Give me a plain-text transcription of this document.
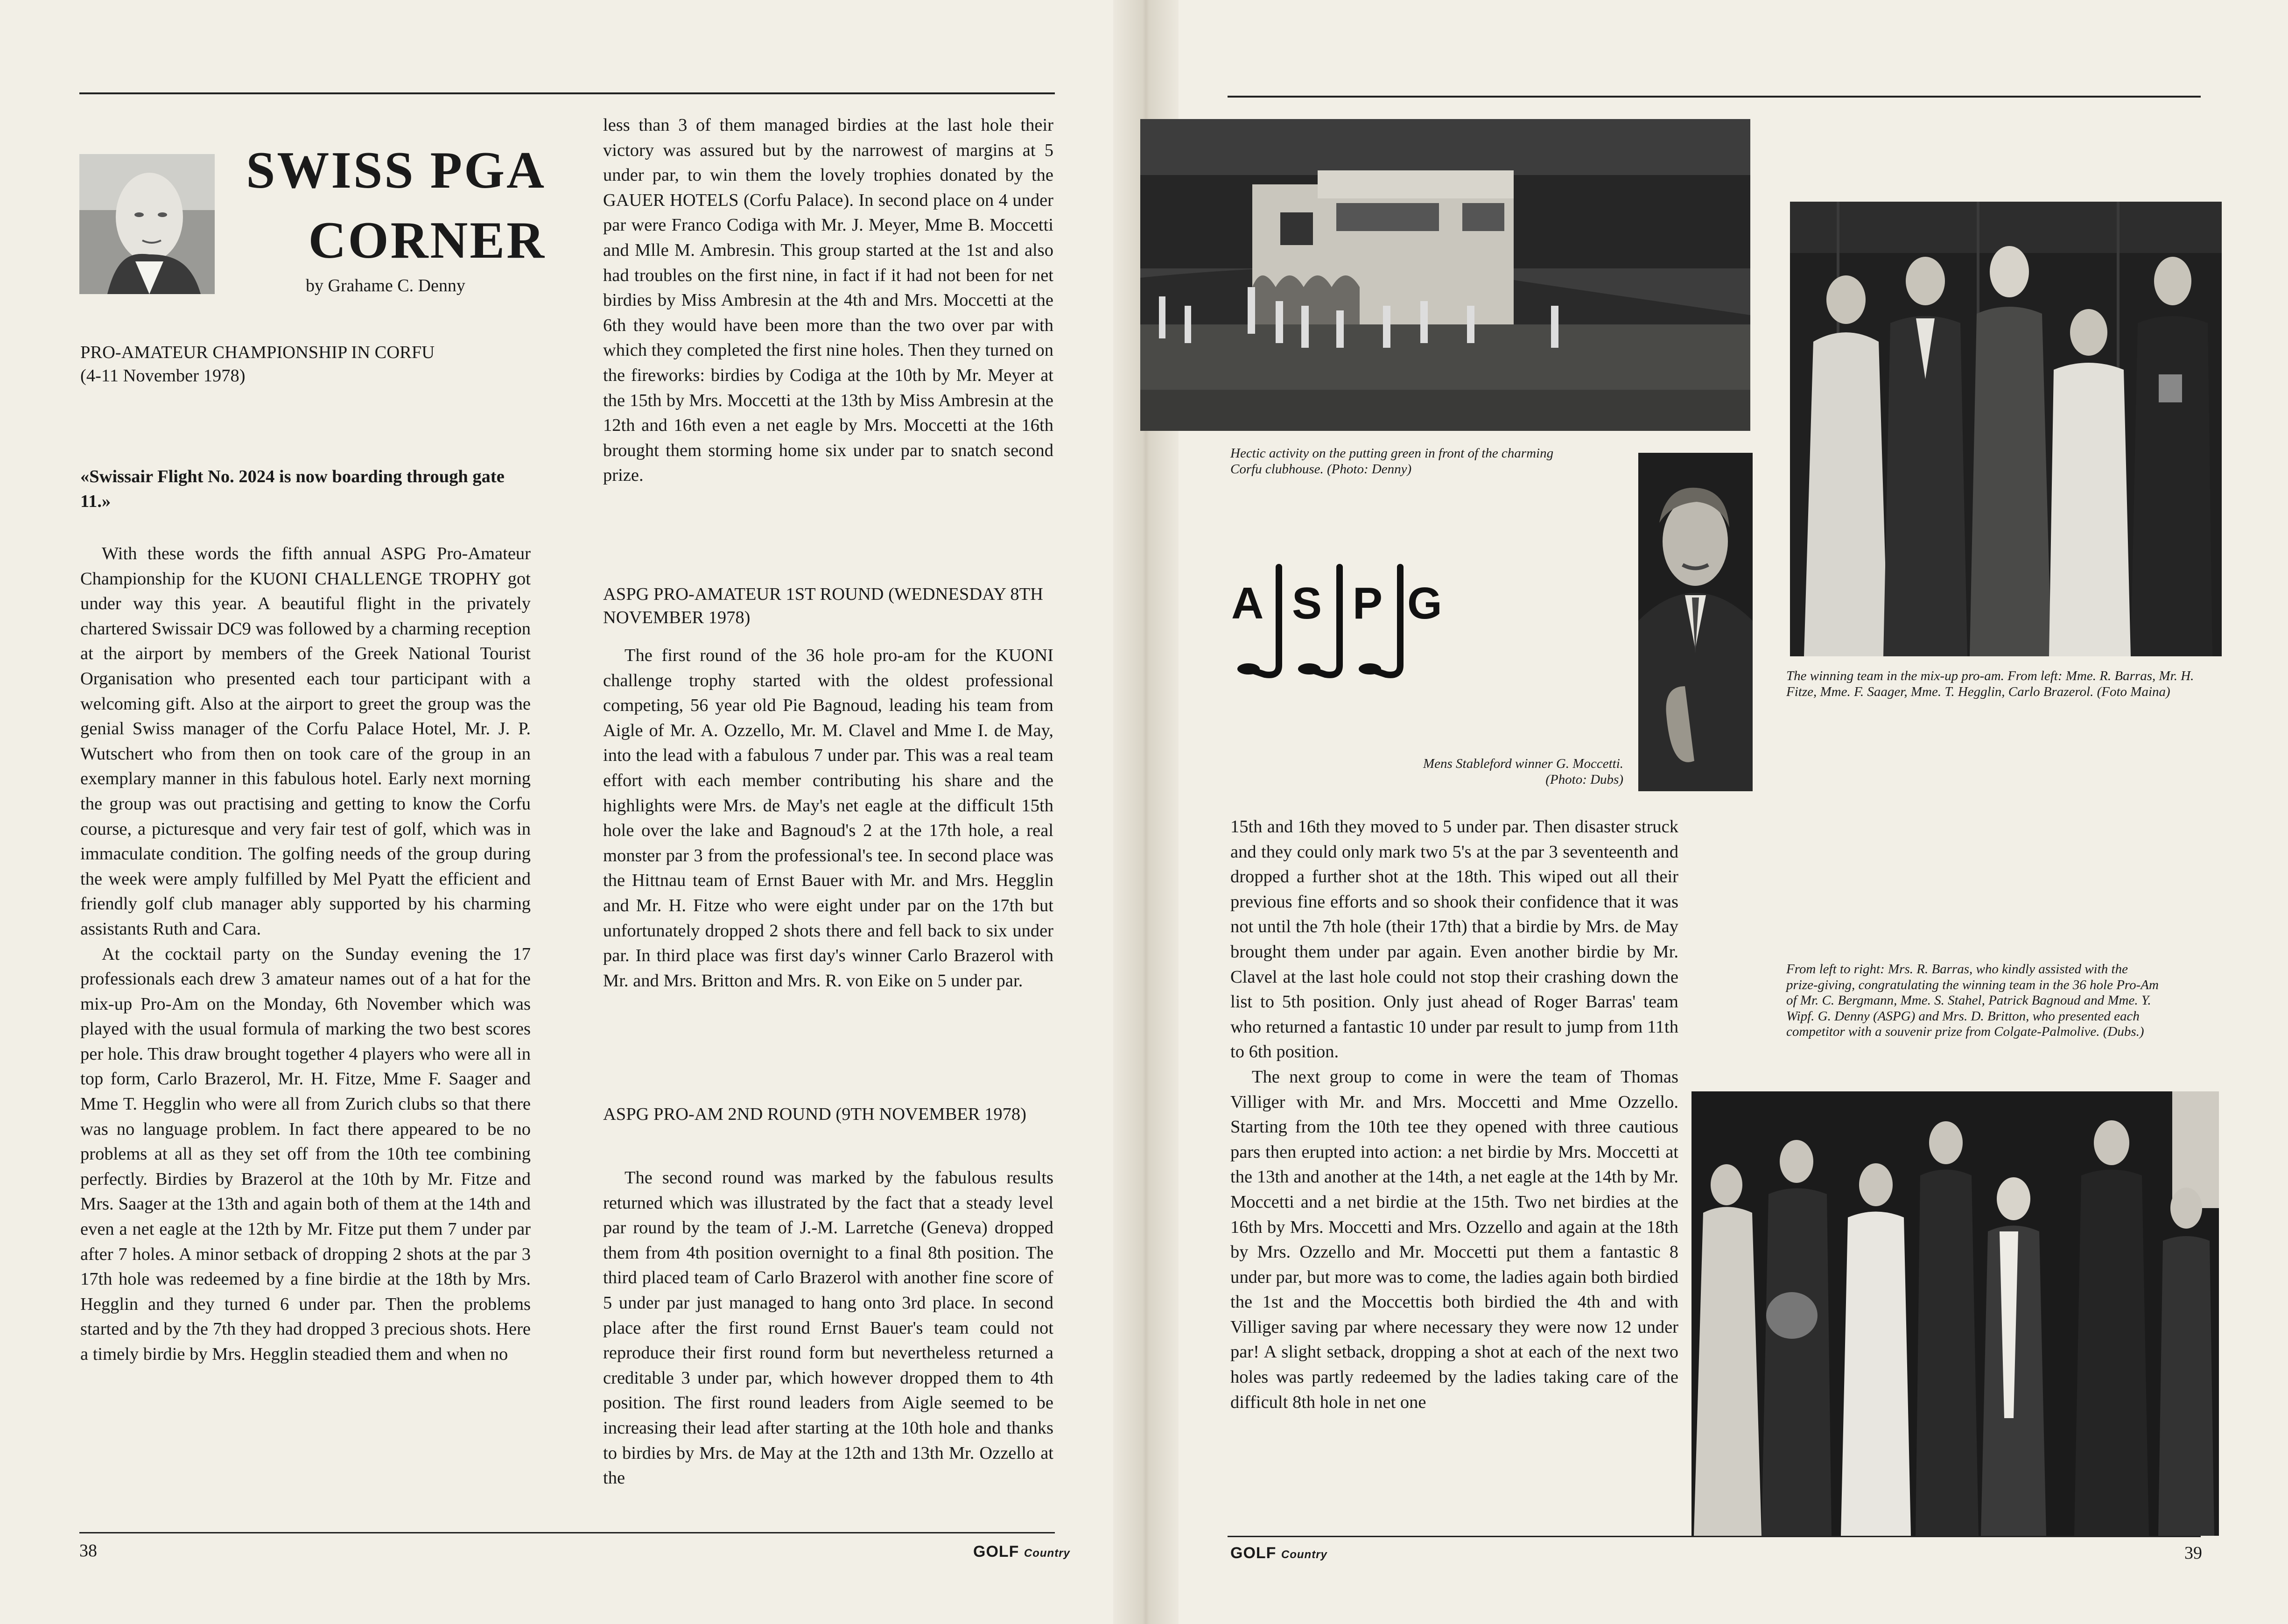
SWISS PGA
CORNER
by Grahame C. Denny
PRO-AMATEUR CHAMPIONSHIP IN CORFU
(4-11 November 1978)
«Swissair Flight No. 2024 is now boarding through gate 11.»

With these words the fifth annual ASPG Pro-Amateur Championship for the KUONI CHALLENGE TROPHY got under way this year. A beautiful flight in the privately chartered Swissair DC9 was followed by a charming reception at the airport by members of the Greek National Tourist Organisation who presented each tour participant with a welcoming gift. Also at the airport to greet the group was the genial Swiss manager of the Corfu Palace Hotel, Mr. J. P. Wutschert who from then on took care of the group in an exemplary manner in this fabulous hotel. Early next morning the group was out practising and getting to know the Corfu course, a picturesque and very fair test of golf, which was in immaculate condition. The golfing needs of the group during the week were amply fulfilled by Mel Pyatt the efficient and friendly golf club manager ably supported by his charming assistants Ruth and Cara.

At the cocktail party on the Sunday evening the 17 professionals each drew 3 amateur names out of a hat for the mix-up Pro-Am on the Monday, 6th November which was played with the usual formula of marking the two best scores per hole. This draw brought together 4 players who were all in top form, Carlo Brazerol, Mr. H. Fitze, Mme F. Saager and Mme T. Hegglin who were all from Zurich clubs so that there was no language problem. In fact there appeared to be no problems at all as they set off from the 10th tee combining perfectly. Birdies by Brazerol at the 10th by Mr. Fitze and Mrs. Saager at the 13th and again both of them at the 14th and even a net eagle at the 12th by Mr. Fitze put them 7 under par after 7 holes. A minor setback of dropping 2 shots at the par 3 17th hole was redeemed by a fine birdie at the 18th by Mrs. Hegglin and they turned 6 under par. Then the problems started and by the 7th they had dropped 3 precious shots. Here a timely birdie by Mrs. Hegglin steadied them and when no

less than 3 of them managed birdies at the last hole their victory was assured but by the narrowest of margins at 5 under par, to win them the lovely trophies donated by the GAUER HOTELS (Corfu Palace). In second place on 4 under par were Franco Codiga with Mr. J. Meyer, Mme B. Moccetti and Mlle M. Ambresin. This group started at the 1st and also had troubles on the first nine, in fact if it had not been for net birdies by Miss Ambresin at the 4th and Mrs. Moccetti at the 6th they would have been more than the two over par with which they completed the first nine holes. Then they turned on the fireworks: birdies by Codiga at the 10th by Mr. Meyer at the 15th by Mrs. Moccetti at the 13th by Miss Ambresin at the 12th and 16th even a net eagle by Mrs. Moccetti at the 16th brought them storming home six under par to snatch second prize.

ASPG PRO-AMATEUR 1ST ROUND (WEDNESDAY 8TH NOVEMBER 1978)

The first round of the 36 hole pro-am for the KUONI challenge trophy started with the oldest professional competing, 56 year old Pie Bagnoud, leading his team from Aigle of Mr. A. Ozzello, Mr. M. Clavel and Mme I. de May, into the lead with a fabulous 7 under par. This was a real team effort with each member contributing his share and the highlights were Mrs. de May's net eagle at the difficult 15th hole over the lake and Bagnoud's 2 at the 17th hole, a real monster par 3 from the professional's tee. In second place was the Hittnau team of Ernst Bauer with Mr. and Mrs. Hegglin and Mr. H. Fitze who were eight under par on the 17th but unfortunately dropped 2 shots there and fell back to six under par. In third place was first day's winner Carlo Brazerol with Mr. and Mrs. Britton and Mrs. R. von Eike on 5 under par.

ASPG PRO-AM 2ND ROUND (9TH NOVEMBER 1978)

The second round was marked by the fabulous results returned which was illustrated by the fact that a steady level par round by the team of J.-M. Larretche (Geneva) dropped them from 4th position overnight to a final 8th position. The third placed team of Carlo Brazerol with another fine score of 5 under par just managed to hang onto 3rd place. In second place after the first round Ernst Bauer's team could not reproduce their first round form but nevertheless returned a creditable 3 under par, which however dropped them to 4th position. The first round leaders from Aigle seemed to be increasing their lead after starting at the 10th hole and thanks to birdies by Mrs. de May at the 12th and 13th Mr. Ozzello at the

38	GOLF Country
Hectic activity on the putting green in front of the charming Corfu clubhouse. (Photo: Denny)
A S P G
Mens Stableford winner G. Moccetti. (Photo: Dubs)
The winning team in the mix-up pro-am. From left: Mme. R. Barras, Mr. H. Fitze, Mme. F. Saager, Mme. T. Hegglin, Carlo Brazerol. (Foto Maina)
From left to right: Mrs. R. Barras, who kindly assisted with the prize-giving, congratulating the winning team in the 36 hole Pro-Am of Mr. C. Bergmann, Mme. S. Stahel, Patrick Bagnoud and Mme. Y. Wipf. G. Denny (ASPG) and Mrs. D. Britton, who presented each competitor with a souvenir prize from Colgate-Palmolive. (Dubs.)

15th and 16th they moved to 5 under par. Then disaster struck and they could only mark two 5's at the par 3 seventeenth and dropped a further shot at the 18th. This wiped out all their previous fine efforts and so shook their confidence that it was not until the 7th hole (their 17th) that a birdie by Mrs. de May brought them under par again. Even another birdie by Mr. Clavel at the last hole could not stop their crashing down the list to 5th position. Only just ahead of Roger Barras' team who returned a fantastic 10 under par result to jump from 11th to 6th position.

The next group to come in were the team of Thomas Villiger with Mr. and Mrs. Moccetti and Mme Ozzello. Starting from the 10th tee they opened with three cautious pars then erupted into action: a net birdie by Mrs. Moccetti at the 13th and another at the 14th, a net eagle at the 14th by Mr. Moccetti and a net birdie at the 15th. Two net birdies at the 16th by Mrs. Moccetti and Mrs. Ozzello and again at the 18th by Mrs. Ozzello and Mr. Moccetti put them a fantastic 8 under par, but more was to come, the ladies again both birdied the 1st and the Moccettis both birdied the 4th and with Villiger saving par where necessary they were now 12 under par! A slight setback, dropping a shot at each of the next two holes was partly redeemed by the ladies taking care of the difficult 8th hole in net one

GOLF Country	39
